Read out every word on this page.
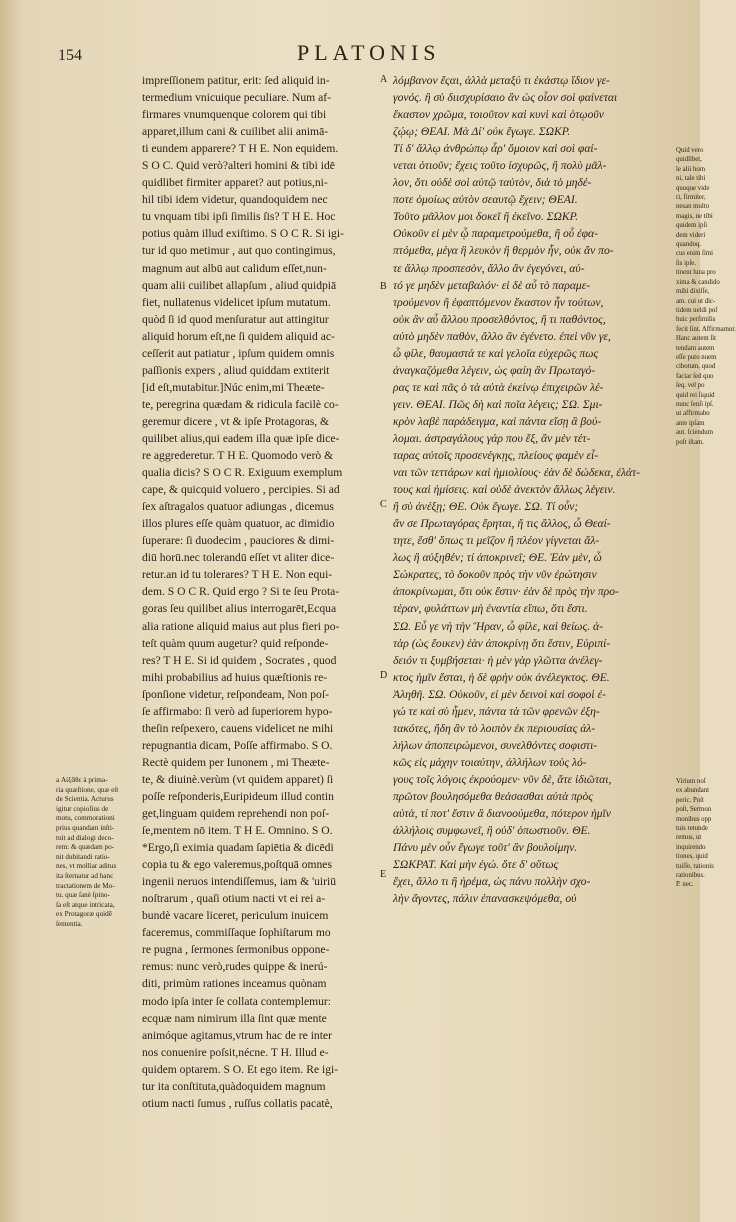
154	PLATONIS
impreſſionem patitur, erit: ſed aliquid in-
termedium vnicuique peculiare. Num af-
firmares vnumquenque colorem qui tibi
apparet,illum cani & cuilibet alii animā-
ti eundem apparere? T H E. Non equidem.
S O C. Quid verò?alteri homini & tibi idē
quidlibet firmiter apparet? aut potius,ni-
hil tibi idem videtur, quandoquidem nec
tu vnquam tibi ipſi ſimilis ſis? T H E. Hoc
potius quàm illud exiſtimo. S O C R. Si igi-
tur id quo metimur , aut quo contingimus,
magnum aut albū aut calidum eſſet,nun-
quam alii cuilibet allapſum , aliud quidpiā
fiet, nullatenus videlicet ipſum mutatum.
quòd ſi id quod menſuratur aut attingitur
aliquid horum eſt,ne ſi quidem aliquid ac-
ceſſerit aut patiatur , ipſum quidem omnis
paſſionis expers , aliud quiddam extiterit
[id eſt,mutabitur.]Núc enim,mi Theæte-
te, peregrina quædam & ridicula facilè co-
geremur dicere , vt & ipſe Protagoras, &
quilibet alius,qui eadem illa quæ ipſe dice-
re aggrederetur. T H E. Quomodo verò &
qualia dicis? S O C R. Exiguum exemplum
cape, & quicquid voluero , percipies. Si ad
ſex aſtragalos quatuor adiungas , dicemus
illos plures eſſe quàm quatuor, ac dimidio
ſuperare: ſi duodecim , pauciores & dimi-
diū horū.nec tolerandū eſſet vt aliter dice-
retur.an id tu tolerares? T H E. Non equi-
dem. S O C R. Quid ergo ? Si te ſeu Prota-
goras ſeu quilibet alius interrogarēt,Ecqua
alia ratione aliquid maius aut plus fieri po-
teſt quàm quum augetur? quid reſponde-
res? T H E. Si id quidem , Socrates , quod
mihi probabilius ad huius quæſtionis re-
ſponſione videtur, reſpondeam, Non poſ-
ſe affirmabo: ſi verò ad ſuperiorem hypo-
theſin reſpexero, cauens videlicet ne mihi
repugnantia dicam, Poſſe affirmabo. S O.
Rectè quidem per Iunonem , mi Theæte-
te, & diuinè.verùm (vt quidem apparet) ſi
poſſe reſponderis,Euripideum illud contin
get,linguam quidem reprehendi non poſ-
ſe,mentem nō item. T H E. Omnino. S O.
*Ergo,ſi eximia quadam ſapiētia & dicēdi
copia tu & ego valeremus,poſtquā omnes
ingenii neruos intendiſſemus, iam & 'uiriū
noſtrarum , quaſi otium nacti vt ei rei a-
bundè vacare liceret, periculum inuicem
faceremus, commiſſaque ſophiſtarum mo
re pugna , ſermones ſermonibus oppone-
remus: nunc verò,rudes quippe & inerú-
diti, primùm rationes inceamus quònam
modo ipſa inter ſe collata contemplemur:
ecquæ nam nimirum illa ſint quæ mente
animóque agitamus,vtrum hac de re inter
nos conuenire poſsit,nécne. T H. Illud e-
quidem optarem. S O. Et ego item. Re igi-
tur ita conſtituta,quàdoquidem magnum
otium nacti ſumus , ruſſus collatis pacatè,
λόμβανον ἔςαι, ἀλλὰ μεταξύ τι ἑκάστῳ ἴδιον γε-
γονός. ἢ σὺ διισχυρίσαιο ἂν ὡς οἷον σοὶ φαίνεται
ἕκαστον χρῶμα, τοιοῦτον καὶ κυνὶ καὶ ὁτῳοῦν
ζῴῳ; ΘΕΑΙ. Μὰ Δί' οὐκ ἔγωγε. ΣΩΚΡ.
Τί δ' ἄλλῳ ἀνθρώπῳ ἆρ' ὅμοιον καὶ σοὶ φαί-
νεται ὁτιοῦν; ἔχεις τοῦτο ἰσχυρῶς, ἢ πολὺ μᾶλ-
λον, ὅτι οὐδὲ σοὶ αὐτῷ ταὐτὸν, διὰ τὸ μηδέ-
ποτε ὁμοίως αὐτὸν σεαυτῷ ἔχειν; ΘΕΑΙ.
Τοῦτο μᾶλλον μοι δοκεῖ ἢ ἐκεῖνο. ΣΩΚΡ.
Οὐκοῦν εἰ μὲν ᾧ παραμετρούμεθα, ἢ οὗ ἐφα-
πτόμεθα, μέγα ἢ λευκὸν ἢ θερμὸν ἦν, οὐκ ἄν πο-
τε ἄλλῳ προσπεσὸν, ἄλλο ἂν ἐγεγόνει, αὐ-
τό γε μηδὲν μεταβαλόν· εἰ δὲ αὖ τὸ παραμε-
τρούμενον ἢ ἐφαπτόμενον ἕκαστον ἦν τούτων,
οὐκ ἂν αὖ ἄλλου προσελθόντος, ἤ τι παθόντος,
αὐτὸ μηδὲν παθὸν, ἄλλο ἂν ἐγένετο. ἐπεὶ νῦν γε,
ὦ φίλε, θαυμαστά τε καὶ γελοῖα εὐχερῶς πως
ἀναγκαζόμεθα λέγειν, ὡς φαίη ἂν Πρωταγό-
ρας τε καὶ πᾶς ὁ τὰ αὐτὰ ἐκείνῳ ἐπιχειρῶν λέ-
γειν. ΘΕΑΙ. Πῶς δὴ καὶ ποῖα λέγεις; ΣΩ. Σμι-
κρὸν λαβὲ παράδειγμα, καὶ πάντα εἴσῃ ἃ βού-
λομαι. ἀστραγάλους γάρ που ἕξ, ἂν μὲν τέτ-
ταρας αὐτοῖς προσενέγκῃς, πλείους φαμὲν εἶ-
ναι τῶν τεττάρων καὶ ἡμιολίους· ἐὰν δὲ δώδεκα, ἐλάτ-
τους καὶ ἡμίσεις. καὶ οὐδὲ ἀνεκτὸν ἄλλως λέγειν.
ἢ σὺ ἀνέξῃ; ΘΕ. Οὐκ ἔγωγε. ΣΩ. Τί οὖν;
ἄν σε Πρωταγόρας ἔρηται, ἤ τις ἄλλος, ὦ Θεαί-
τητε, ἔσθ' ὅπως τι μεῖζον ἢ πλέον γίγνεται ἄλ-
λως ἢ αὐξηθέν; τί ἀποκρινεῖ; ΘΕ. Ἐὰν μὲν, ὦ
Σώκρατες, τὸ δοκοῦν πρὸς τὴν νῦν ἐρώτησιν
ἀποκρίνωμαι, ὅτι οὐκ ἔστιν· ἐὰν δὲ πρὸς τὴν προ-
τέραν, φυλάττων μὴ ἐναντία εἴπω, ὅτι ἔστι.
ΣΩ. Εὖ γε νὴ τὴν Ἥραν, ὦ φίλε, καὶ θείως. ἀ-
τὰρ (ὡς ἔοικεν) ἐὰν ἀποκρίνῃ ὅτι ἔστιν, Εὐριπί-
δειόν τι ξυμβήσεται· ἡ μὲν γὰρ γλῶττα ἀνέλεγ-
κτος ἡμῖν ἔσται, ἡ δὲ φρὴν οὐκ ἀνέλεγκτος. ΘΕ.
Ἀληθῆ. ΣΩ. Οὐκοῦν, εἰ μὲν δεινοὶ καὶ σοφοὶ ἐ-
γώ τε καὶ σὺ ἦμεν, πάντα τὰ τῶν φρενῶν ἐξη-
τακότες, ἤδη ἂν τὸ λοιπὸν ἐκ περιουσίας ἀλ-
λήλων ἀποπειρώμενοι, συνελθόντες σοφιστι-
κῶς εἰς μάχην τοιαύτην, ἀλλήλων τοὺς λό-
γους τοῖς λόγοις ἐκρούομεν· νῦν δὲ, ἅτε ἰδιῶται,
πρῶτον βουλησόμεθα θεάσασθαι αὐτὰ πρὸς
αὑτὰ, τί ποτ' ἔστιν ἃ διανοούμεθα, πότερον ἡμῖν
ἀλλήλοις συμφωνεῖ, ἢ οὐδ' ὁπωστιοῦν. ΘΕ.
Πάνυ μὲν οὖν ἔγωγε τοῦτ' ἂν βουλοίμην.
ΣΩΚΡΑΤ. Καὶ μὴν ἐγώ. ὅτε δ' οὕτως
ἔχει, ἄλλο τι ἢ ἠρέμα, ὡς πάνυ πολλὴν σχο-
λὴν ἄγοντες, πάλιν ἐπανασκεψόμεθα, οὐ
A
B
C
D
E
a Αἰξᾶθε à prima-
ria quæſtione, quæ eſt
de Scientia. Acturus
igitur copioſius de
motu, commorationi
prius quandam inſti-
tuit ad dialogi deco-
rem: & quædam po-
nit dubitandi ratio-
nes, vt molliar aditus
ita ſternatur ad hanc
tractationem de Mo-
tu. quæ ſanè ſpino-
ſa eſt atque intricata,
ex Protagoræ quidē
ſententia.
Quid vero
quidlibet,
le alii hom
ni, tale tibi
quoque vide
ri, firmiter,
nesan multo
magis, ne tibi
quidem ipſi
dem videri
quandoq.
cus enim ſimi
ſis ipſe.
tinent luna pro
xima & candido
mihi dixiſſe,
am. cui ut dic-
tidem ueldi poſ
huic perſimilis
fecit ſint. Affirmamur.
Hanc autem ſit
tendam autem
eſſe puto nuem
cibotum, quod
faciar ſed quo
ſeq. vel po
quid rei ſiquid
nunc ſenſi ipſ.
ut affirmabo
ante ipſam
aut. ſciendum
poſt iſtam.
Virium noſ
ex abundant
peric. Poſt
poſt, Sermon
monibus opp
tuis retunde
remus, ut
inquirendo
tiones, quid
tuiſſe, rationis
rationibus.
P. nec.
